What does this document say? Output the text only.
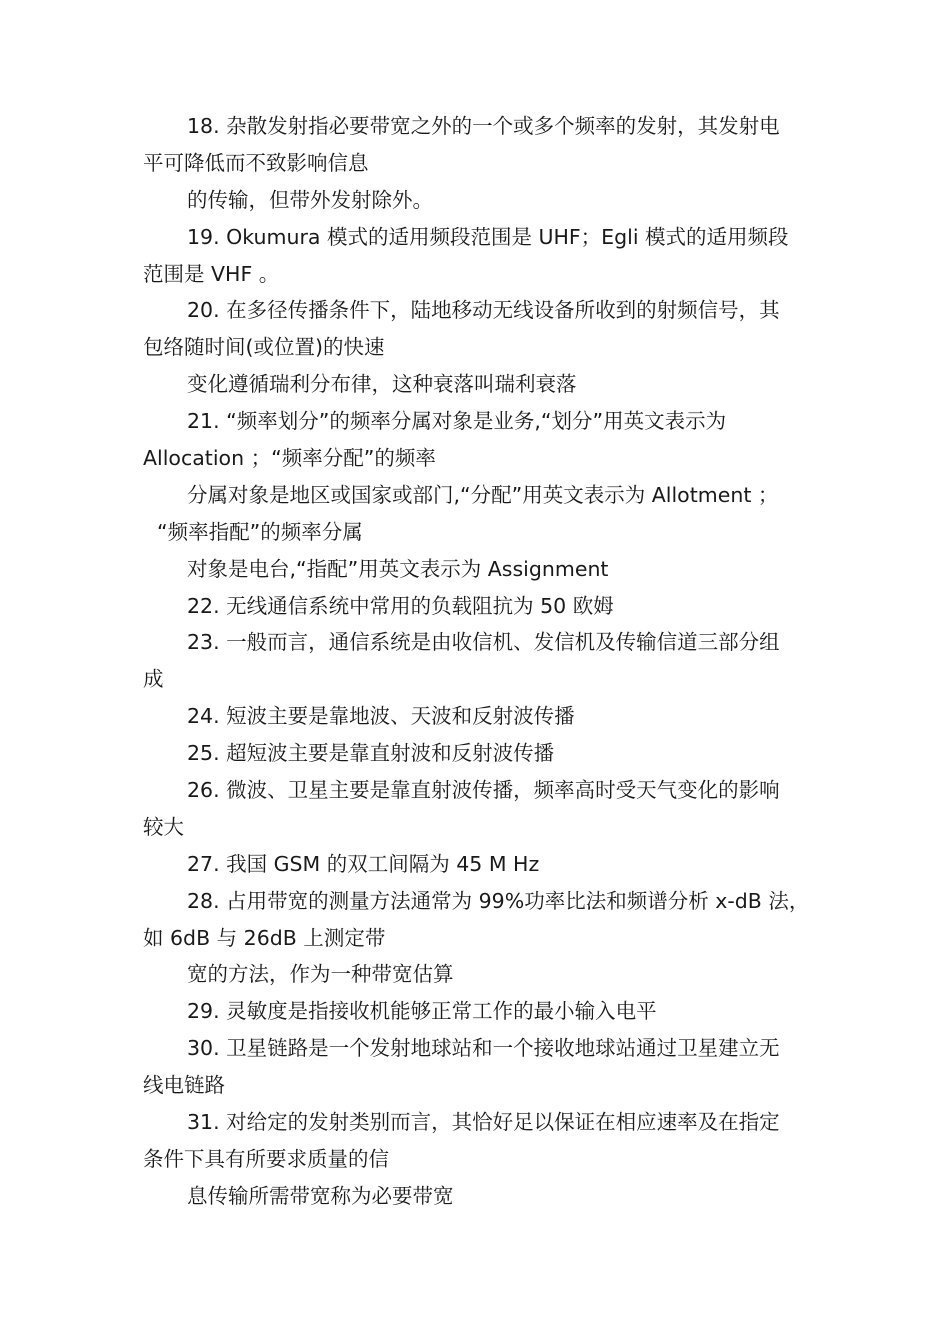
18. 杂散发射指必要带宽之外的一个或多个频率的发射，其发射电
平可降低而不致影响信息
的传输，但带外发射除外。
19. Okumura 模式的适用频段范围是 UHF；Egli 模式的适用频段
范围是 VHF 。
20. 在多径传播条件下，陆地移动无线设备所收到的射频信号，其
包络随时间(或位置)的快速
变化遵循瑞利分布律，这种衰落叫瑞利衰落
21. “频率划分”的频率分属对象是业务,“划分”用英文表示为
Allocation ；“频率分配”的频率
分属对象是地区或国家或部门,“分配”用英文表示为 Allotment ；
“频率指配”的频率分属
对象是电台,“指配”用英文表示为 Assignment
22. 无线通信系统中常用的负载阻抗为 50 欧姆
23. 一般而言，通信系统是由收信机、发信机及传输信道三部分组
成
24. 短波主要是靠地波、天波和反射波传播
25. 超短波主要是靠直射波和反射波传播
26. 微波、卫星主要是靠直射波传播，频率高时受天气变化的影响
较大
27. 我国 GSM 的双工间隔为 45 M Hz
28. 占用带宽的测量方法通常为 99%功率比法和频谱分析 x-dB 法，
如 6dB 与 26dB 上测定带
宽的方法，作为一种带宽估算
29. 灵敏度是指接收机能够正常工作的最小输入电平
30. 卫星链路是一个发射地球站和一个接收地球站通过卫星建立无
线电链路
31. 对给定的发射类别而言，其恰好足以保证在相应速率及在指定
条件下具有所要求质量的信
息传输所需带宽称为必要带宽
